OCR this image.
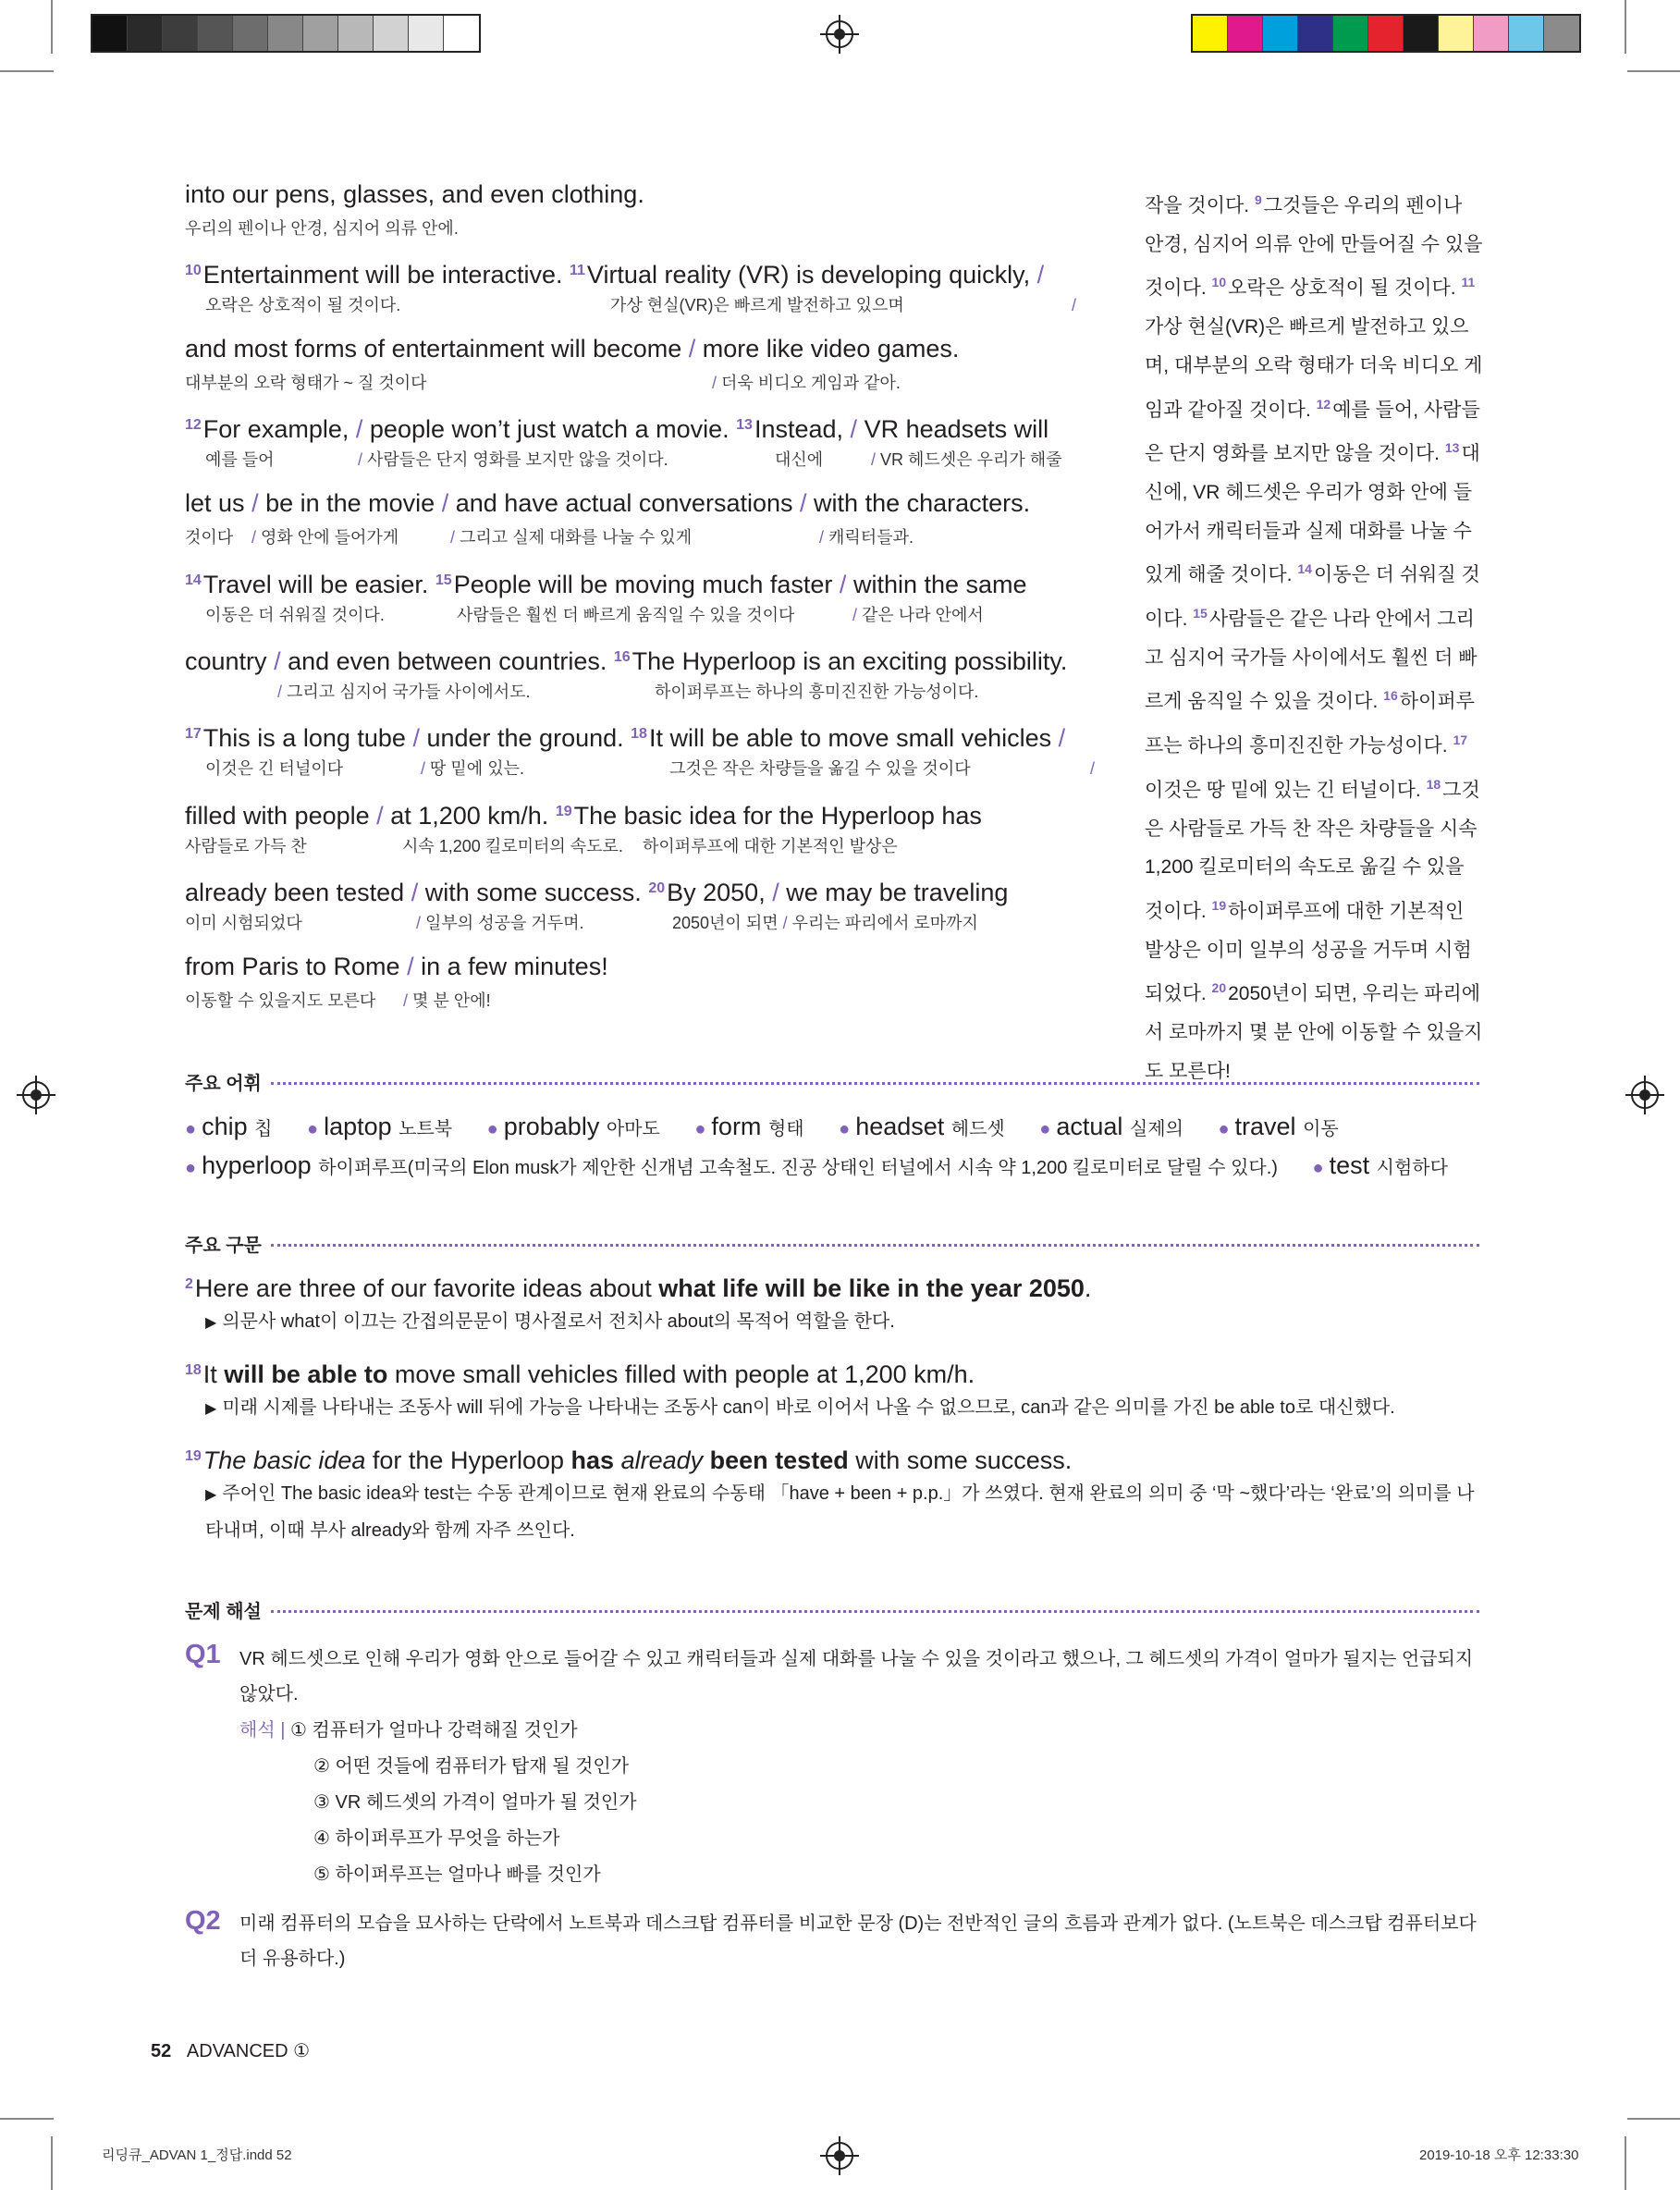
into our pens, glasses, and even clothing.
우리의 펜이나 안경, 심지어 의류 안에.
$^{10}$Entertainment will be interactive. $^{11}$Virtual reality (VR) is developing quickly, /
오락은 상호적이 될 것이다.	가상 현실(VR)은 빠르게 발전하고 있으며	/
and most forms of entertainment will become / more like video games.
대부분의 오락 형태가 ~ 질 것이다	/ 더욱 비디오 게임과 같아.
$^{12}$For example, / people won’t just watch a movie. $^{13}$Instead, / VR headsets will
예를 들어	/ 사람들은 단지 영화를 보지만 않을 것이다.	대신에	/ VR 헤드셋은 우리가 해줄
let us / be in the movie / and have actual conversations / with the characters.
것이다 / 영화 안에 들어가게	/ 그리고 실제 대화를 나눌 수 있게	/ 캐릭터들과.
$^{14}$Travel will be easier. $^{15}$People will be moving much faster / within the same
이동은 더 쉬워질 것이다.	사람들은 훨씬 더 빠르게 움직일 수 있을 것이다	/ 같은 나라 안에서
country / and even between countries. $^{16}$The Hyperloop is an exciting possibility.
/ 그리고 심지어 국가들 사이에서도.	하이퍼루프는 하나의 흥미진진한 가능성이다.
$^{17}$This is a long tube / under the ground. $^{18}$It will be able to move small vehicles /
이것은 긴 터널이다	/ 땅 밑에 있는.	그것은 작은 차량들을 옮길 수 있을 것이다	/
filled with people / at 1,200 km/h. $^{19}$The basic idea for the Hyperloop has
사람들로 가득 찬	시속 1,200 킬로미터의 속도로. 하이퍼루프에 대한 기본적인 발상은
already been tested / with some success. $^{20}$By 2050, / we may be traveling
이미 시험되었다	/ 일부의 성공을 거두며.	2050년이 되면 / 우리는 파리에서 로마까지
from Paris to Rome / in a few minutes!
이동할 수 있을지도 모른다 / 몇 분 안에!
작을 것이다. $^9$그것들은 우리의 펜이나 안경, 심지어 의류 안에 만들어질 수 있을 것이다. $^{10}$오락은 상호적이 될 것이다. $^{11}$가상 현실(VR)은 빠르게 발전하고 있으며, 대부분의 오락 형태가 더욱 비디오 게임과 같아질 것이다. $^{12}$예를 들어, 사람들은 단지 영화를 보지만 않을 것이다. $^{13}$대신에, VR 헤드셋은 우리가 영화 안에 들어가서 캐릭터들과 실제 대화를 나눌 수 있게 해줄 것이다. $^{14}$이동은 더 쉬워질 것이다. $^{15}$사람들은 같은 나라 안에서 그리고 심지어 국가들 사이에서도 훨씬 더 빠르게 움직일 수 있을 것이다. $^{16}$하이퍼루프는 하나의 흥미진진한 가능성이다. $^{17}$이것은 땅 밑에 있는 긴 터널이다. $^{18}$그것은 사람들로 가득 찬 작은 차량들을 시속 1,200 킬로미터의 속도로 옮길 수 있을 것이다. $^{19}$하이퍼루프에 대한 기본적인 발상은 이미 일부의 성공을 거두며 시험되었다. $^{20}$2050년이 되면, 우리는 파리에서 로마까지 몇 분 안에 이동할 수 있을지도 모른다!
주요 어휘
● chip 칩 ● laptop 노트북 ● probably 아마도 ● form 형태 ● headset 헤드셋 ● actual 실제의 ● travel 이동
● hyperloop 하이퍼루프(미국의 Elon musk가 제안한 신개념 고속철도. 진공 상태인 터널에서 시속 약 1,200 킬로미터로 달릴 수 있다.) ● test 시험하다
주요 구문
$^2$Here are three of our favorite ideas about what life will be like in the year 2050.
▶ 의문사 what이 이끄는 간접의문문이 명사절로서 전치사 about의 목적어 역할을 한다.
$^{18}$It will be able to move small vehicles filled with people at 1,200 km/h.
▶ 미래 시제를 나타내는 조동사 will 뒤에 가능을 나타내는 조동사 can이 바로 이어서 나올 수 없으므로, can과 같은 의미를 가진 be able to로 대신했다.
$^{19}$The basic idea for the Hyperloop has already been tested with some success.
▶ 주어인 The basic idea와 test는 수동 관계이므로 현재 완료의 수동태 「have + been + p.p.」가 쓰였다. 현재 완료의 의미 중 ‘막 ~했다’라는 ‘완료’의 의미를 나타내며, 이때 부사 already와 함께 자주 쓰인다.
문제 해설
Q1 VR 헤드셋으로 인해 우리가 영화 안으로 들어갈 수 있고 캐릭터들과 실제 대화를 나눌 수 있을 것이라고 했으나, 그 헤드셋의 가격이 얼마가 될지는 언급되지 않았다.
해석 | ① 컴퓨터가 얼마나 강력해질 것인가
② 어떤 것들에 컴퓨터가 탑재 될 것인가
③ VR 헤드셋의 가격이 얼마가 될 것인가
④ 하이퍼루프가 무엇을 하는가
⑤ 하이퍼루프는 얼마나 빠를 것인가
Q2 미래 컴퓨터의 모습을 묘사하는 단락에서 노트북과 데스크탑 컴퓨터를 비교한 문장 (D)는 전반적인 글의 흐름과 관계가 없다. (노트북은 데스크탑 컴퓨터보다 더 유용하다.)
52 ADVANCED ①
리딩큐_ADVAN 1_정답.indd 52	2019-10-18 오후 12:33:30
